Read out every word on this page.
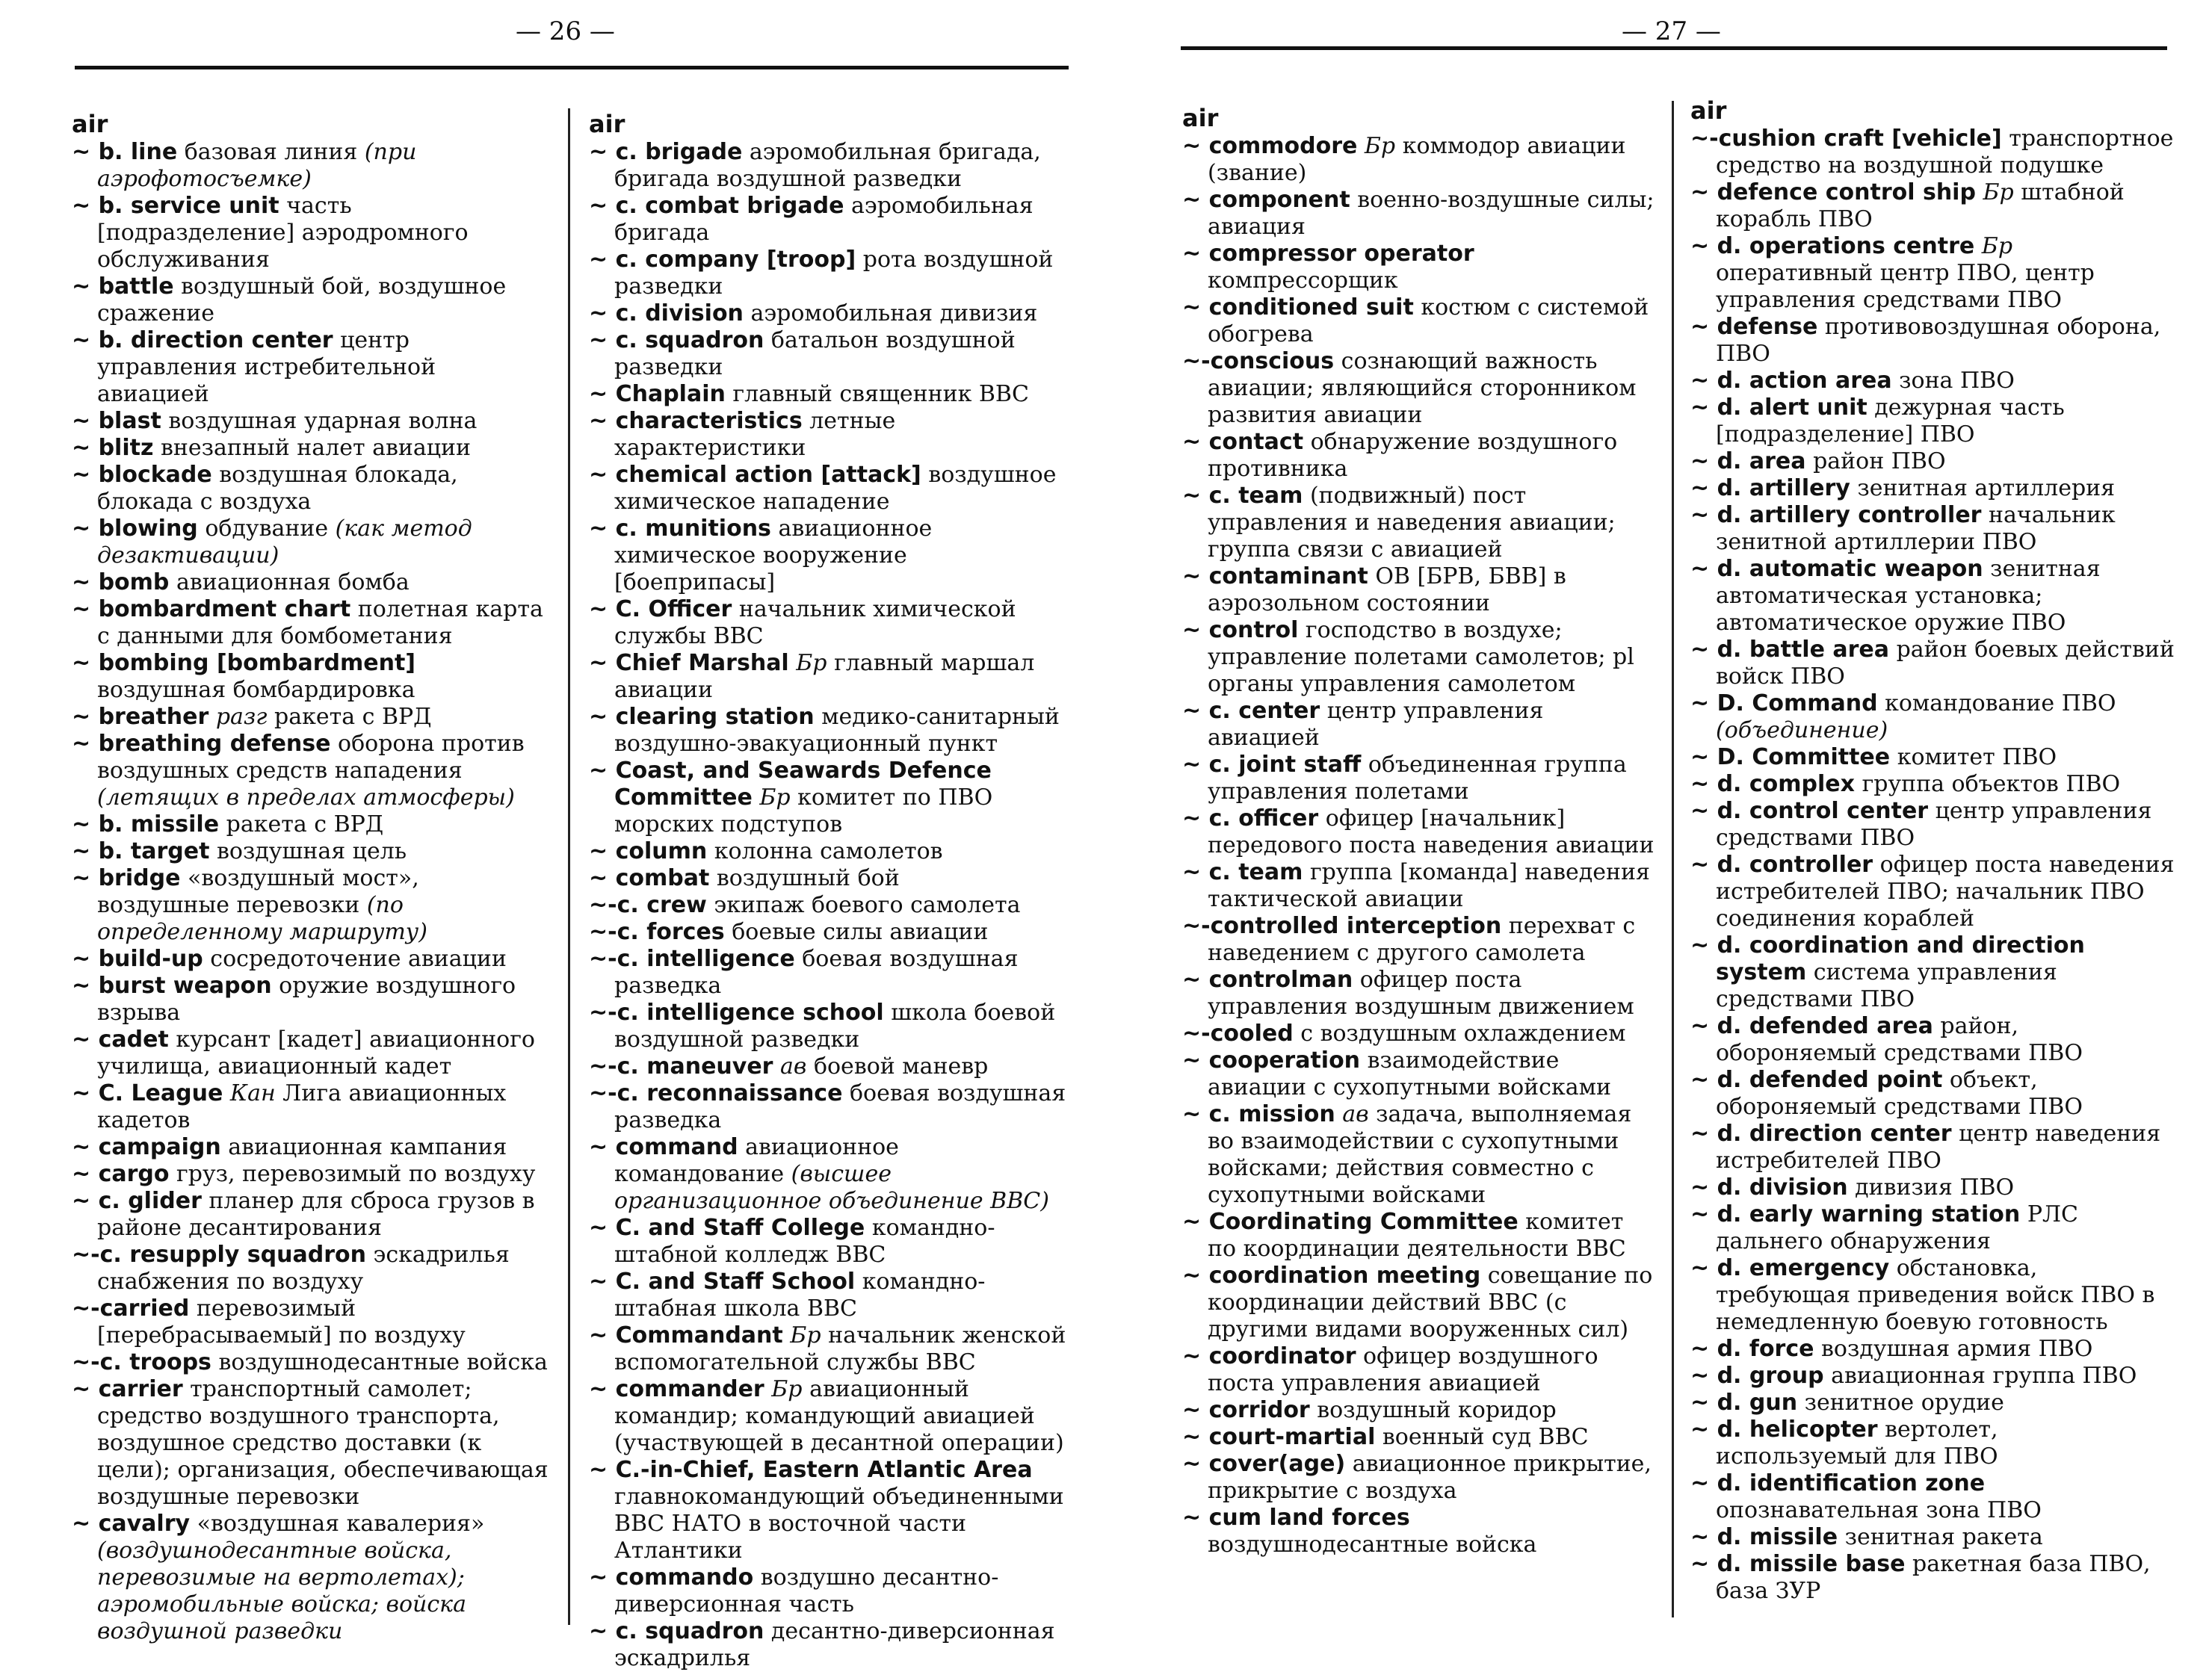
— 26 —	— 27 —
air

~ b. line базовая линия (при аэрофотосъемке)

~ b. service unit часть [подразделение] аэродромного обслуживания

~ battle воздушный бой, воздушное сражение

~ b. direction center центр управления истребительной авиацией

~ blast воздушная ударная волна

~ blitz внезапный налет авиации

~ blockade воздушная блокада, блокада с воздуха

~ blowing обдувание (как метод дезактивации)

~ bomb авиационная бомба

~ bombardment chart полетная карта с данными для бомбометания

~ bombing [bombardment] воздушная бомбардировка

~ breather разг ракета с ВРД

~ breathing defense оборона против воздушных средств нападения (летящих в пределах атмосферы)

~ b. missile ракета с ВРД

~ b. target воздушная цель

~ bridge «воздушный мост», воздушные перевозки (по определенному маршруту)

~ build-up сосредоточение авиации

~ burst weapon оружие воздушного взрыва

~ cadet курсант [кадет] авиационного училища, авиационный кадет

~ C. League Кан Лига авиационных кадетов

~ campaign авиационная кампания

~ cargo груз, перевозимый по воздуху

~ c. glider планер для сброса грузов в районе десантирования

~-c. resupply squadron эскадрилья снабжения по воздуху

~-carried перевозимый [перебрасываемый] по воздуху

~-c. troops воздушнодесантные войска

~ carrier транспортный самолет; средство воздушного транспорта, воздушное средство доставки (к цели); организация, обеспечивающая воздушные перевозки

~ cavalry «воздушная кавалерия» (воздушнодесантные войска, перевозимые на вертолетах); аэромобильные войска; войска воздушной разведки

air

~ c. brigade аэромобильная бригада, бригада воздушной разведки

~ c. combat brigade аэромобильная бригада

~ c. company [troop] рота воздушной разведки

~ c. division аэромобильная дивизия

~ c. squadron батальон воздушной разведки

~ Chaplain главный священник ВВС

~ characteristics летные характеристики

~ chemical action [attack] воздушное химическое нападение

~ c. munitions авиационное химическое вооружение [боеприпасы]

~ C. Officer начальник химической службы ВВС

~ Chief Marshal Бр главный маршал авиации

~ clearing station медико-санитарный воздушно-эвакуационный пункт

~ Coast, and Seawards Defence Committee Бр комитет по ПВО морских подступов

~ column колонна самолетов

~ combat воздушный бой

~-c. crew экипаж боевого самолета

~-c. forces боевые силы авиации

~-c. intelligence боевая воздушная разведка

~-c. intelligence school школа боевой воздушной разведки

~-c. maneuver ав боевой маневр

~-c. reconnaissance боевая воздушная разведка

~ command авиационное командование (высшее организационное объединение ВВС)

~ C. and Staff College командно-штабной колледж ВВС

~ C. and Staff School командно-штабная школа ВВС

~ Commandant Бр начальник женской вспомогательной службы ВВС

~ commander Бр авиационный командир; командующий авиацией (участвующей в десантной операции)

~ C.-in-Chief, Eastern Atlantic Area главнокомандующий объединенными ВВС НАТО в восточной части Атлантики

~ commando воздушно десантно-диверсионная часть

~ c. squadron десантно-диверсионная эскадрилья

air

~ commodore Бр коммодор авиации (звание)

~ component военно-воздушные силы; авиация

~ compressor operator компрессорщик

~ conditioned suit костюм с системой обогрева

~-conscious сознающий важность авиации; являющийся сторонником развития авиации

~ contact обнаружение воздушного противника

~ c. team (подвижный) пост управления и наведения авиации; группа связи с авиацией

~ contaminant ОВ [БРВ, БВВ] в аэрозольном состоянии

~ control господство в воздухе; управление полетами самолетов; pl органы управления самолетом

~ c. center центр управления авиацией

~ c. joint staff объединенная группа управления полетами

~ c. officer офицер [начальник] передового поста наведения авиации

~ c. team группа [команда] наведения тактической авиации

~-controlled interception перехват с наведением с другого самолета

~ controlman офицер поста управления воздушным движением

~-cooled с воздушным охлаждением

~ cooperation взаимодействие авиации с сухопутными войсками

~ c. mission ав задача, выполняемая во взаимодействии с сухопутными войсками; действия совместно с сухопутными войсками

~ Coordinating Committee комитет по координации деятельности ВВС

~ coordination meeting совещание по координации действий ВВС (с другими видами вооруженных сил)

~ coordinator офицер воздушного поста управления авиацией

~ corridor воздушный коридор

~ court-martial военный суд ВВС

~ cover(age) авиационное прикрытие, прикрытие с воздуха

~ cum land forces воздушнодесантные войска

air

~-cushion craft [vehicle] транспортное средство на воздушной подушке

~ defence control ship Бр штабной корабль ПВО

~ d. operations centre Бр оперативный центр ПВО, центр управления средствами ПВО

~ defense противовоздушная оборона, ПВО

~ d. action area зона ПВО

~ d. alert unit дежурная часть [подразделение] ПВО

~ d. area район ПВО

~ d. artillery зенитная артиллерия

~ d. artillery controller начальник зенитной артиллерии ПВО

~ d. automatic weapon зенитная автоматическая установка; автоматическое оружие ПВО

~ d. battle area район боевых действий войск ПВО

~ D. Command командование ПВО (объединение)

~ D. Committee комитет ПВО

~ d. complex группа объектов ПВО

~ d. control center центр управления средствами ПВО

~ d. controller офицер поста наведения истребителей ПВО; начальник ПВО соединения кораблей

~ d. coordination and direction system система управления средствами ПВО

~ d. defended area район, обороняемый средствами ПВО

~ d. defended point объект, обороняемый средствами ПВО

~ d. direction center центр наведения истребителей ПВО

~ d. division дивизия ПВО

~ d. early warning station РЛС дальнего обнаружения

~ d. emergency обстановка, требующая приведения войск ПВО в немедленную боевую готовность

~ d. force воздушная армия ПВО

~ d. group авиационная группа ПВО

~ d. gun зенитное орудие

~ d. helicopter вертолет, используемый для ПВО

~ d. identification zone опознавательная зона ПВО

~ d. missile зенитная ракета

~ d. missile base ракетная база ПВО, база ЗУР
